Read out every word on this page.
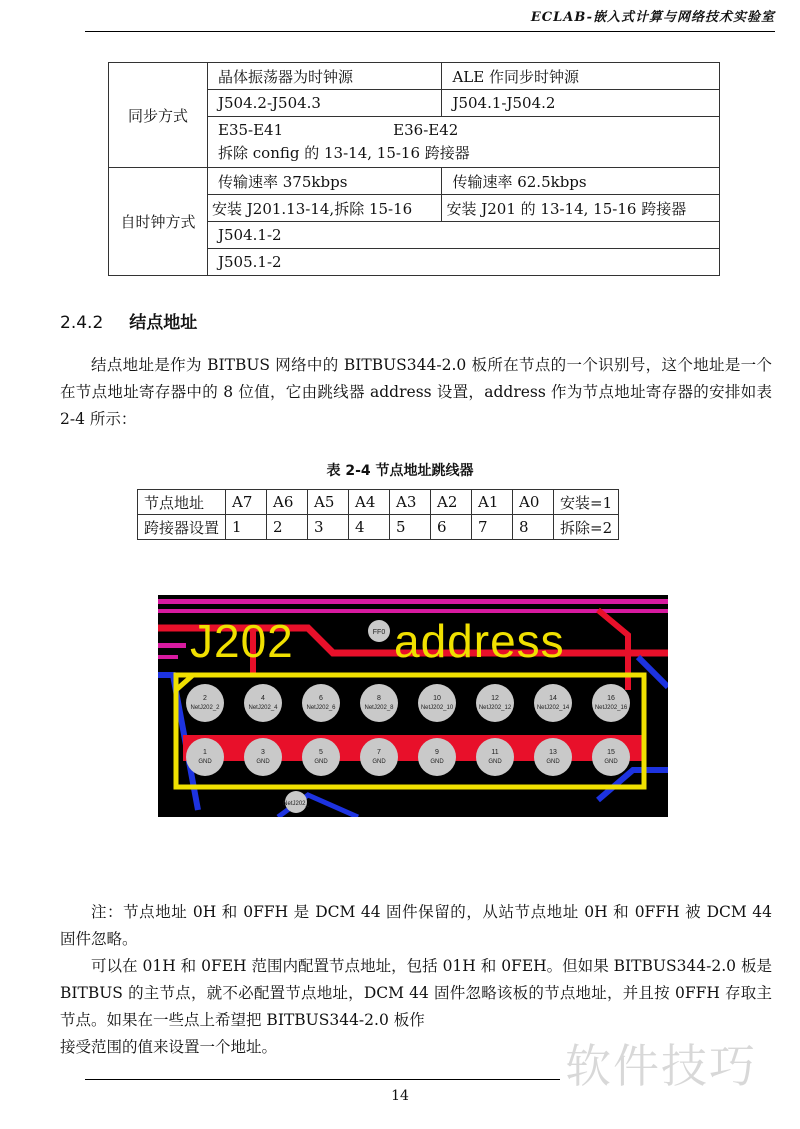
ECLAB-嵌入式计算与网络技术实验室
同步方式	晶体振荡器为时钟源	ALE 作同步时钟源
	J504.2-J504.3	J504.1-J504.2
	E35-E41 E36-E42
拆除 config 的 13-14, 15-16 跨接器	
自时钟方式	传输速率 375kbps	传输速率 62.5kbps
	安装 J201.13-14,拆除 15-16	安装 J201 的 13-14, 15-16 跨接器
	J504.1-2	
	J505.1-2	
2.4.2 结点地址

结点地址是作为 BITBUS 网络中的 BITBUS344-2.0 板所在节点的一个识别号，这个地址是一个在节点地址寄存器中的 8 位值，它由跳线器 address 设置，address 作为节点地址寄存器的安排如表 2-4 所示：

表 2-4 节点地址跳线器
节点地址	A7	A6	A5	A4	A3	A2	A1	A0	安装=1
跨接器设置	1	2	3	4	5	6	7	8	拆除=2
J202 address
FF0
NetJ202_
2
NetJ202_2
4
NetJ202_4
6
NetJ202_6
8
NetJ202_8
10
NetJ202_10
12
NetJ202_12
14
NetJ202_14
16
NetJ202_16
1
GND
3
GND
5
GND
7
GND
9
GND
11
GND
13
GND
15
GND

注：节点地址 0H 和 0FFH 是 DCM 44 固件保留的，从站节点地址 0H 和 0FFH 被 DCM 44 固件忽略。

可以在 01H 和 0FEH 范围内配置节点地址，包括 01H 和 0FEH。但如果 BITBUS344-2.0 板是 BITBUS 的主节点，就不必配置节点地址，DCM 44 固件忽略该板的节点地址，并且按 0FFH 存取主节点。如果在一些点上希望把 BITBUS344-2.0 板作

接受范围的值来设置一个地址。	软件技巧
14
